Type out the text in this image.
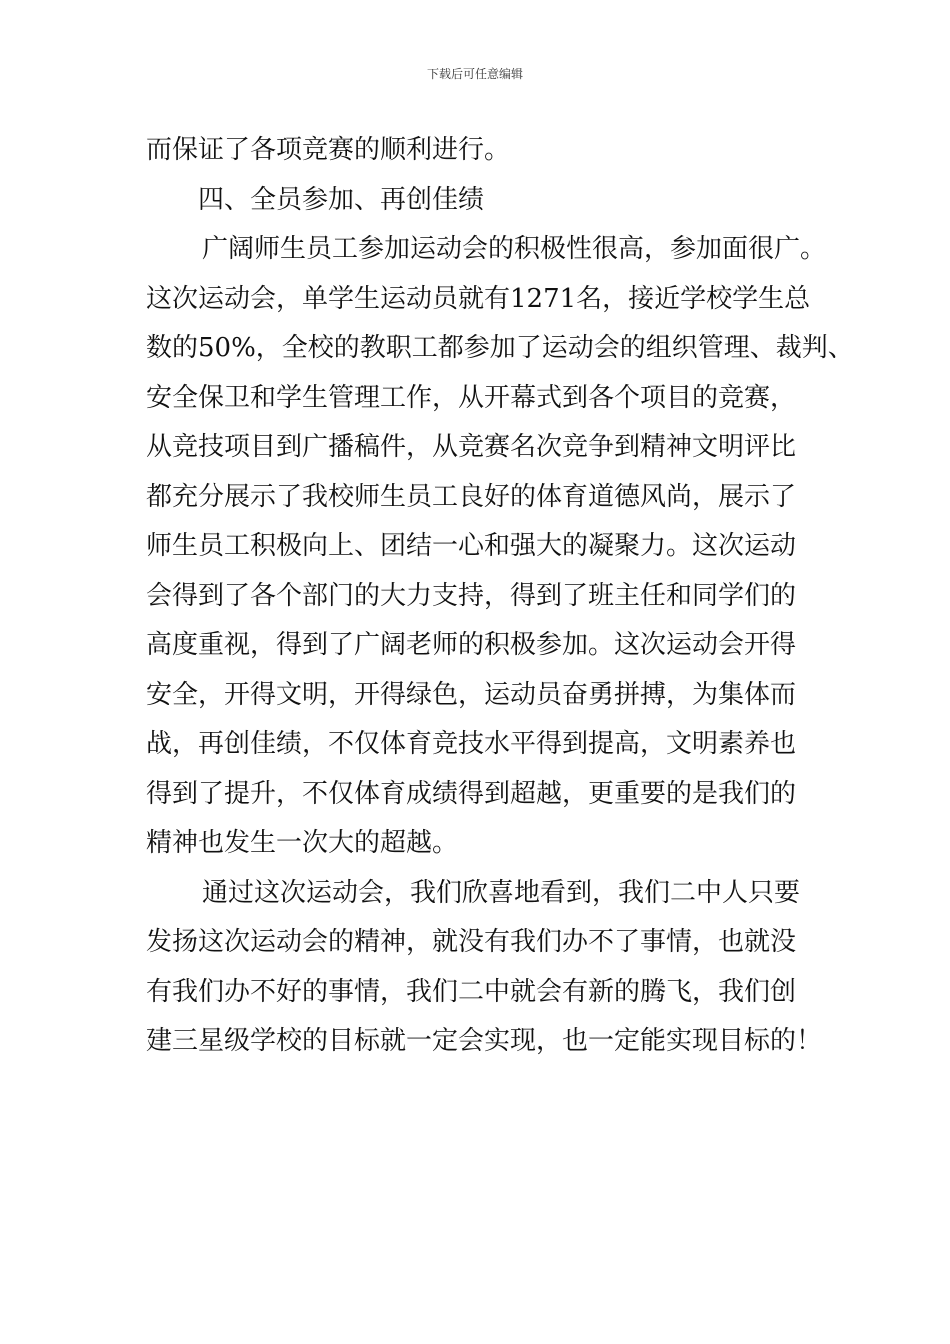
下载后可任意编辑
而保证了各项竞赛的顺利进行。
四、全员参加、再创佳绩
广阔师生员工参加运动会的积极性很高，参加面很广。
这次运动会，单学生运动员就有1271名，接近学校学生总
数的50%，全校的教职工都参加了运动会的组织管理、裁判、
安全保卫和学生管理工作，从开幕式到各个项目的竞赛，
从竞技项目到广播稿件，从竞赛名次竞争到精神文明评比
都充分展示了我校师生员工良好的体育道德风尚，展示了
师生员工积极向上、团结一心和强大的凝聚力。这次运动
会得到了各个部门的大力支持，得到了班主任和同学们的
高度重视，得到了广阔老师的积极参加。这次运动会开得
安全，开得文明，开得绿色，运动员奋勇拼搏，为集体而
战，再创佳绩，不仅体育竞技水平得到提高，文明素养也
得到了提升，不仅体育成绩得到超越，更重要的是我们的
精神也发生一次大的超越。
通过这次运动会，我们欣喜地看到，我们二中人只要
发扬这次运动会的精神，就没有我们办不了事情，也就没
有我们办不好的事情，我们二中就会有新的腾飞，我们创
建三星级学校的目标就一定会实现，也一定能实现目标的！
